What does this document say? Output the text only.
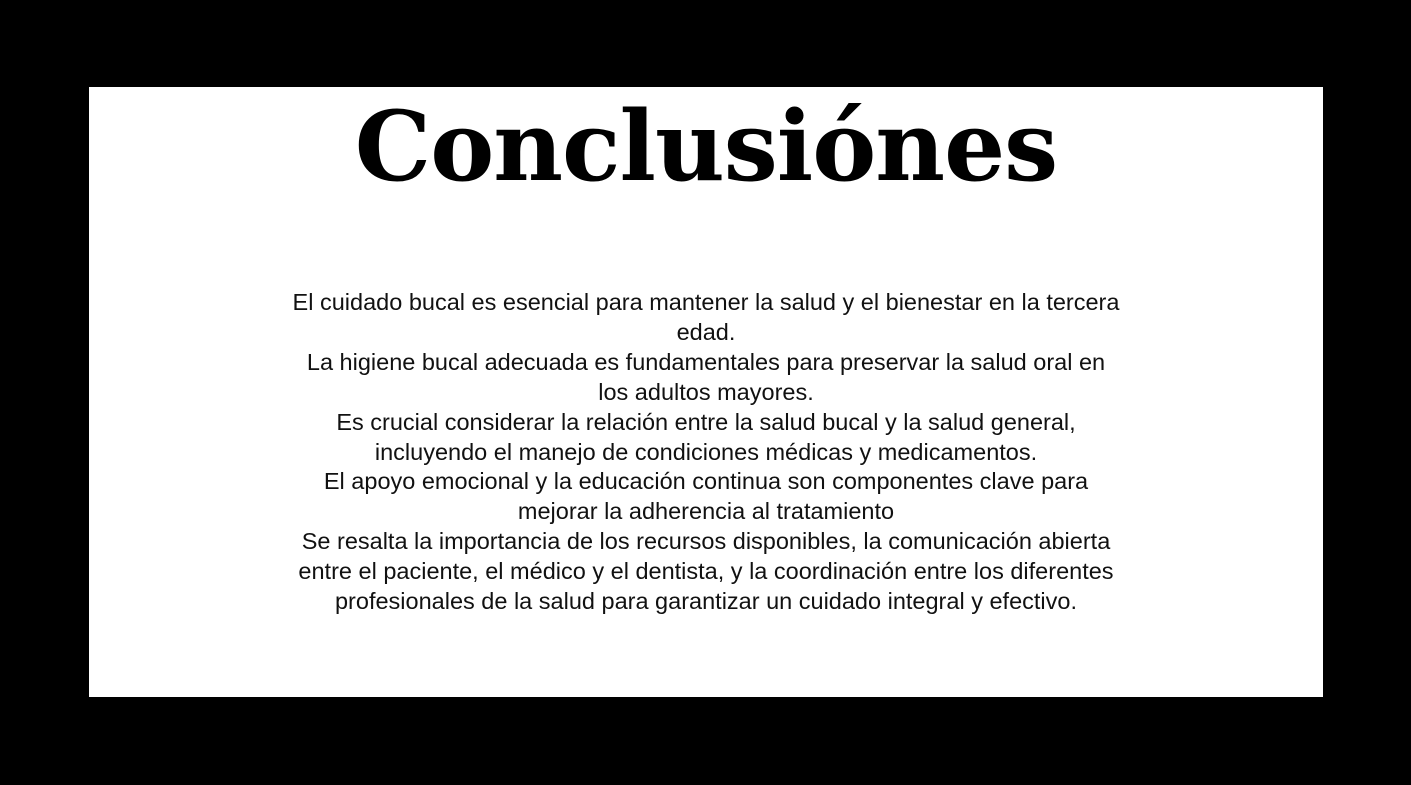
Conclusiónes

El cuidado bucal es esencial para mantener la salud y el bienestar en la tercera edad.

La higiene bucal adecuada es fundamentales para preservar la salud oral en los adultos mayores.

Es crucial considerar la relación entre la salud bucal y la salud general, incluyendo el manejo de condiciones médicas y medicamentos.

El apoyo emocional y la educación continua son componentes clave para mejorar la adherencia al tratamiento

Se resalta la importancia de los recursos disponibles, la comunicación abierta entre el paciente, el médico y el dentista, y la coordinación entre los diferentes profesionales de la salud para garantizar un cuidado integral y efectivo.
